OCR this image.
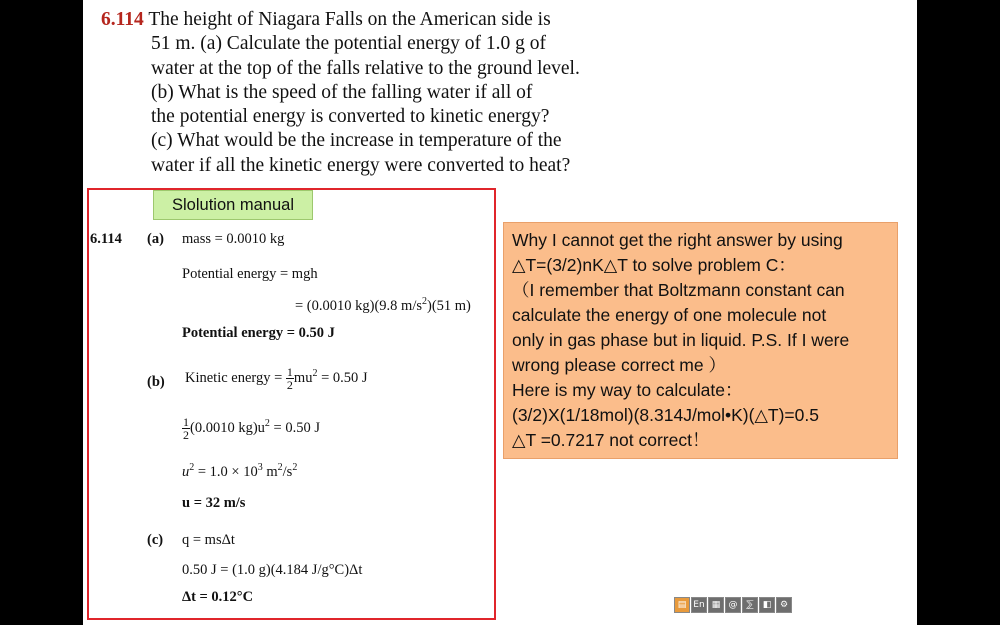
6.114 The height of Niagara Falls on the American side is

51 m. (a) Calculate the potential energy of 1.0 g of

water at the top of the falls relative to the ground level.

(b) What is the speed of the falling water if all of

the potential energy is converted to kinetic energy?

(c) What would be the increase in temperature of the

water if all the kinetic energy were converted to heat?

Slolution manual
6.114 (a) mass = 0.0010 kg
Potential energy = mgh
= (0.0010 kg)(9.8 $m/s^2)(51$ m)
Potential energy = 0.50 J
(b) Kinetic energy = $\frac{1}{2} mu^2 = 0.50$ J
$\frac{1}{2} (0.0010$ $kg)u^2 = 0.50$ J
$u^2 = 1.0 \times 10^3$ $m^2/s^2$
u = 32 m/s
(c) q = msΔt
0.50 J = (1.0 g)(4.184 J/g°C)Δt
Δt = 0.12°C

Why I cannot get the right answer by using

△T=(3/2)nK△T to solve problem C：

（I remember that Boltzmann constant can

calculate the energy of one molecule not

only in gas phase but in liquid. P.S. If I were

wrong please correct me ）

Here is my way to calculate：

(3/2)X(1/18mol)(8.314J/mol•K)(△T)=0.5

△T =0.7217 not correct！

▤ En ▦ @ ⅀	◧ ⚙
